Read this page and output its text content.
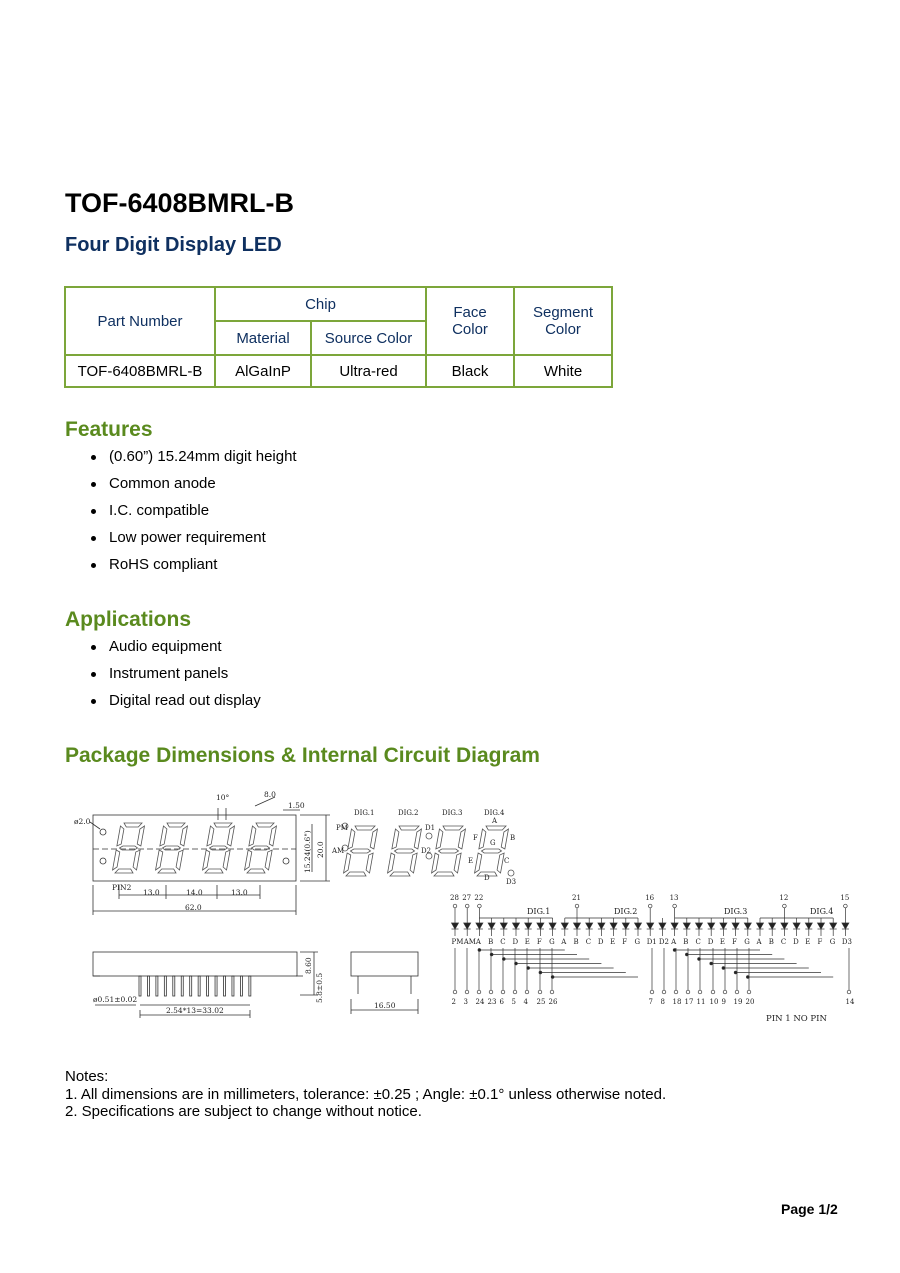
TOF-6408BMRL-B
Four Digit Display LED
Part Number	Chip		Face Color	Segment Color
	Material	Source Color		
TOF-6408BMRL-B	AlGaInP	Ultra-red	Black	White
Features
(0.60”) 15.24mm digit height
Common anode
I.C. compatible
Low power requirement
RoHS compliant
Applications
Audio equipment
Instrument panels
Digital read out display
Package Dimensions & Internal Circuit Diagram
ø2.0
10°	8.0
1.50
PIN2
13.0	14.0	13.0
62.0
15.24(0.6") 20.0
8.60
5.8±0.5
ø0.51±0.02
2.54*13=33.02
16.50
DIG.1	DIG.2	DIG.3	DIG.4
PM
AM
D1
D2
D3
A
B
C
D
E
F
G
PM AM A B C D E F G A B C D E F G D1 D2 A B C D E F G A B C D E F G D3
28 27 22	21	16 13	12	15
DIG.1	DIG.2	DIG.3	DIG.4
2 3 24 23 6 5 4 25 26	7 8 18 17 11 10 9 19 20	14
PIN 1 NO PIN
Notes:
1. All dimensions are in millimeters, tolerance: ±0.25 ; Angle: ±0.1° unless otherwise noted.
2. Specifications are subject to change without notice.
Page 1/2
